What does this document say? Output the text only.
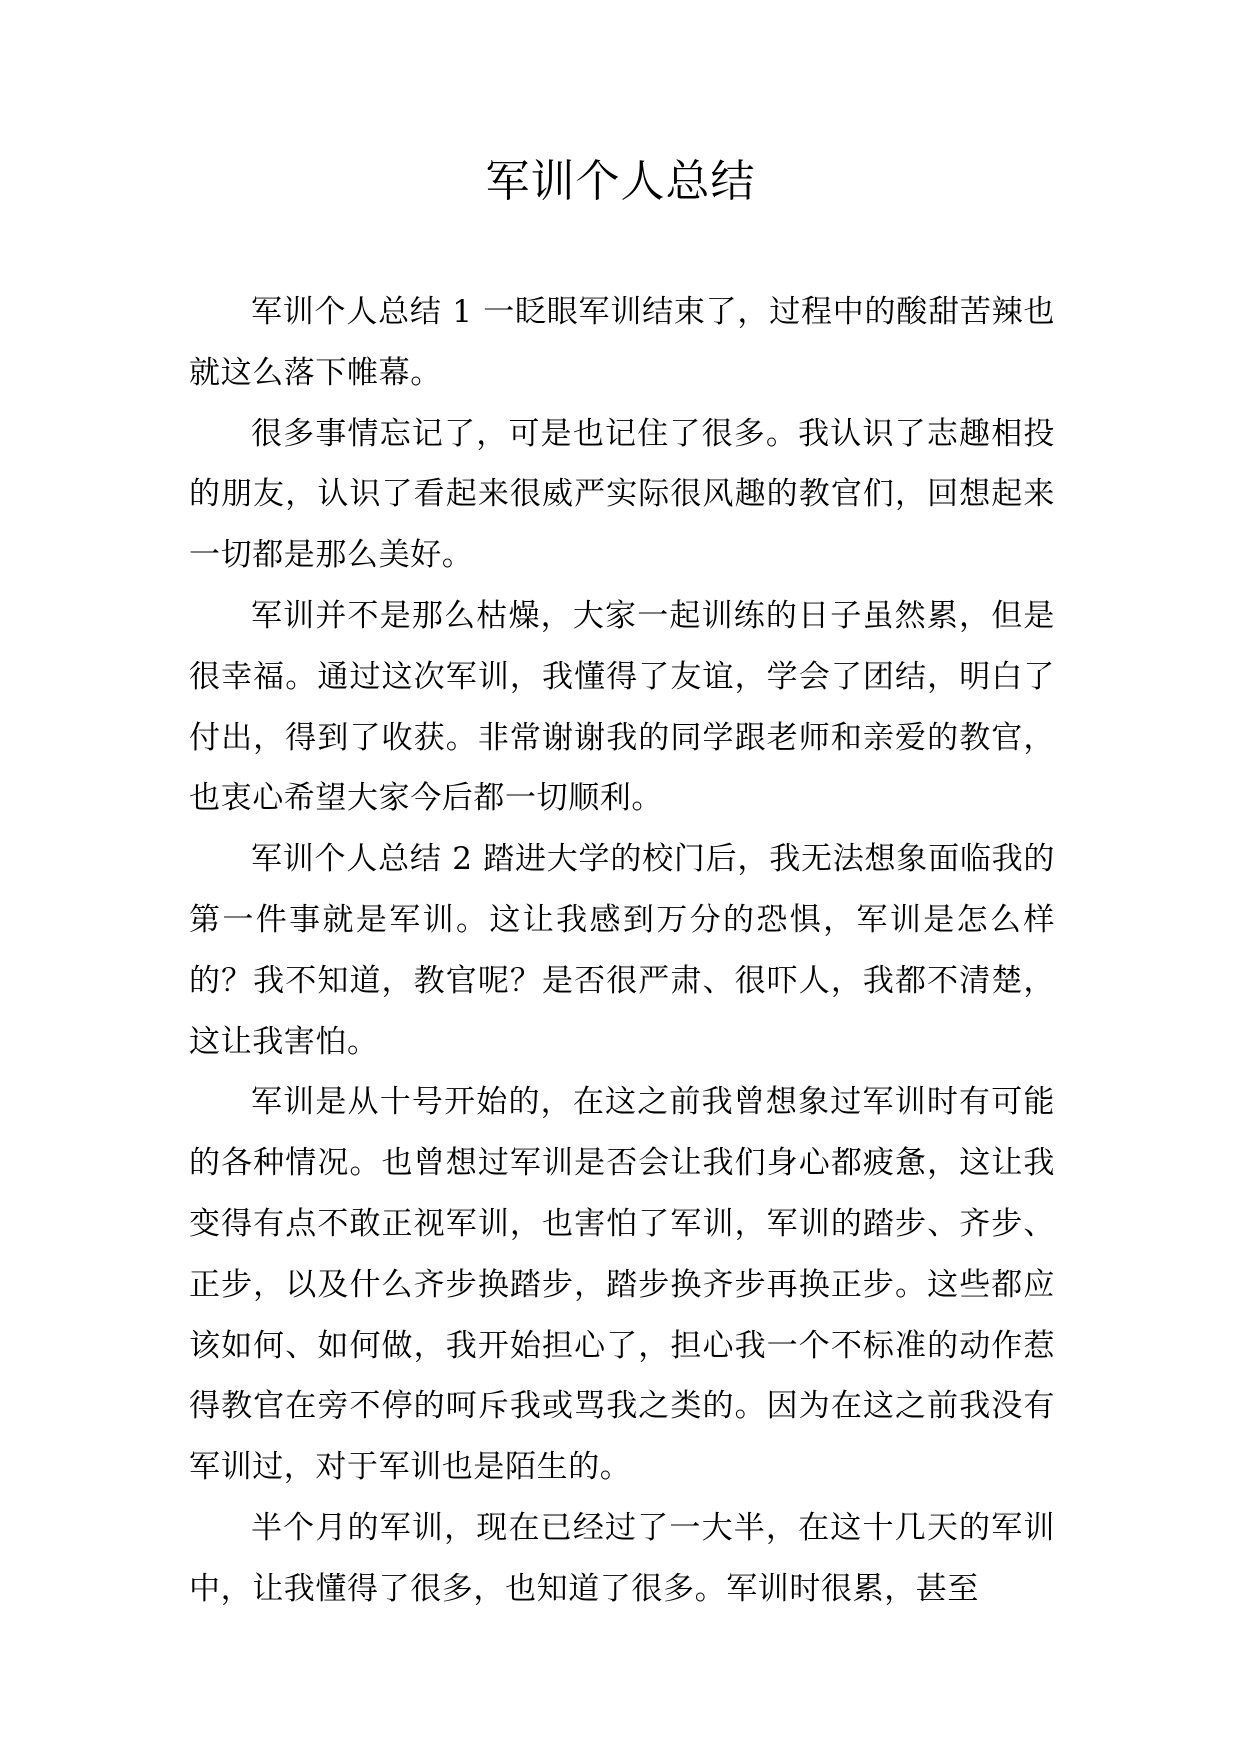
军训个人总结

军训个人总结 1 一眨眼军训结束了，过程中的酸甜苦辣也就这么落下帷幕。

很多事情忘记了，可是也记住了很多。我认识了志趣相投的朋友，认识了看起来很威严实际很风趣的教官们，回想起来一切都是那么美好。

军训并不是那么枯燥，大家一起训练的日子虽然累，但是很幸福。通过这次军训，我懂得了友谊，学会了团结，明白了付出，得到了收获。非常谢谢我的同学跟老师和亲爱的教官，也衷心希望大家今后都一切顺利。

军训个人总结 2 踏进大学的校门后，我无法想象面临我的第一件事就是军训。这让我感到万分的恐惧，军训是怎么样的？我不知道，教官呢？是否很严肃、很吓人，我都不清楚，这让我害怕。

军训是从十号开始的，在这之前我曾想象过军训时有可能的各种情况。也曾想过军训是否会让我们身心都疲惫，这让我变得有点不敢正视军训，也害怕了军训，军训的踏步、齐步、正步，以及什么齐步换踏步，踏步换齐步再换正步。这些都应该如何、如何做，我开始担心了，担心我一个不标准的动作惹得教官在旁不停的呵斥我或骂我之类的。因为在这之前我没有军训过，对于军训也是陌生的。

半个月的军训，现在已经过了一大半，在这十几天的军训中，让我懂得了很多，也知道了很多。军训时很累，甚至
